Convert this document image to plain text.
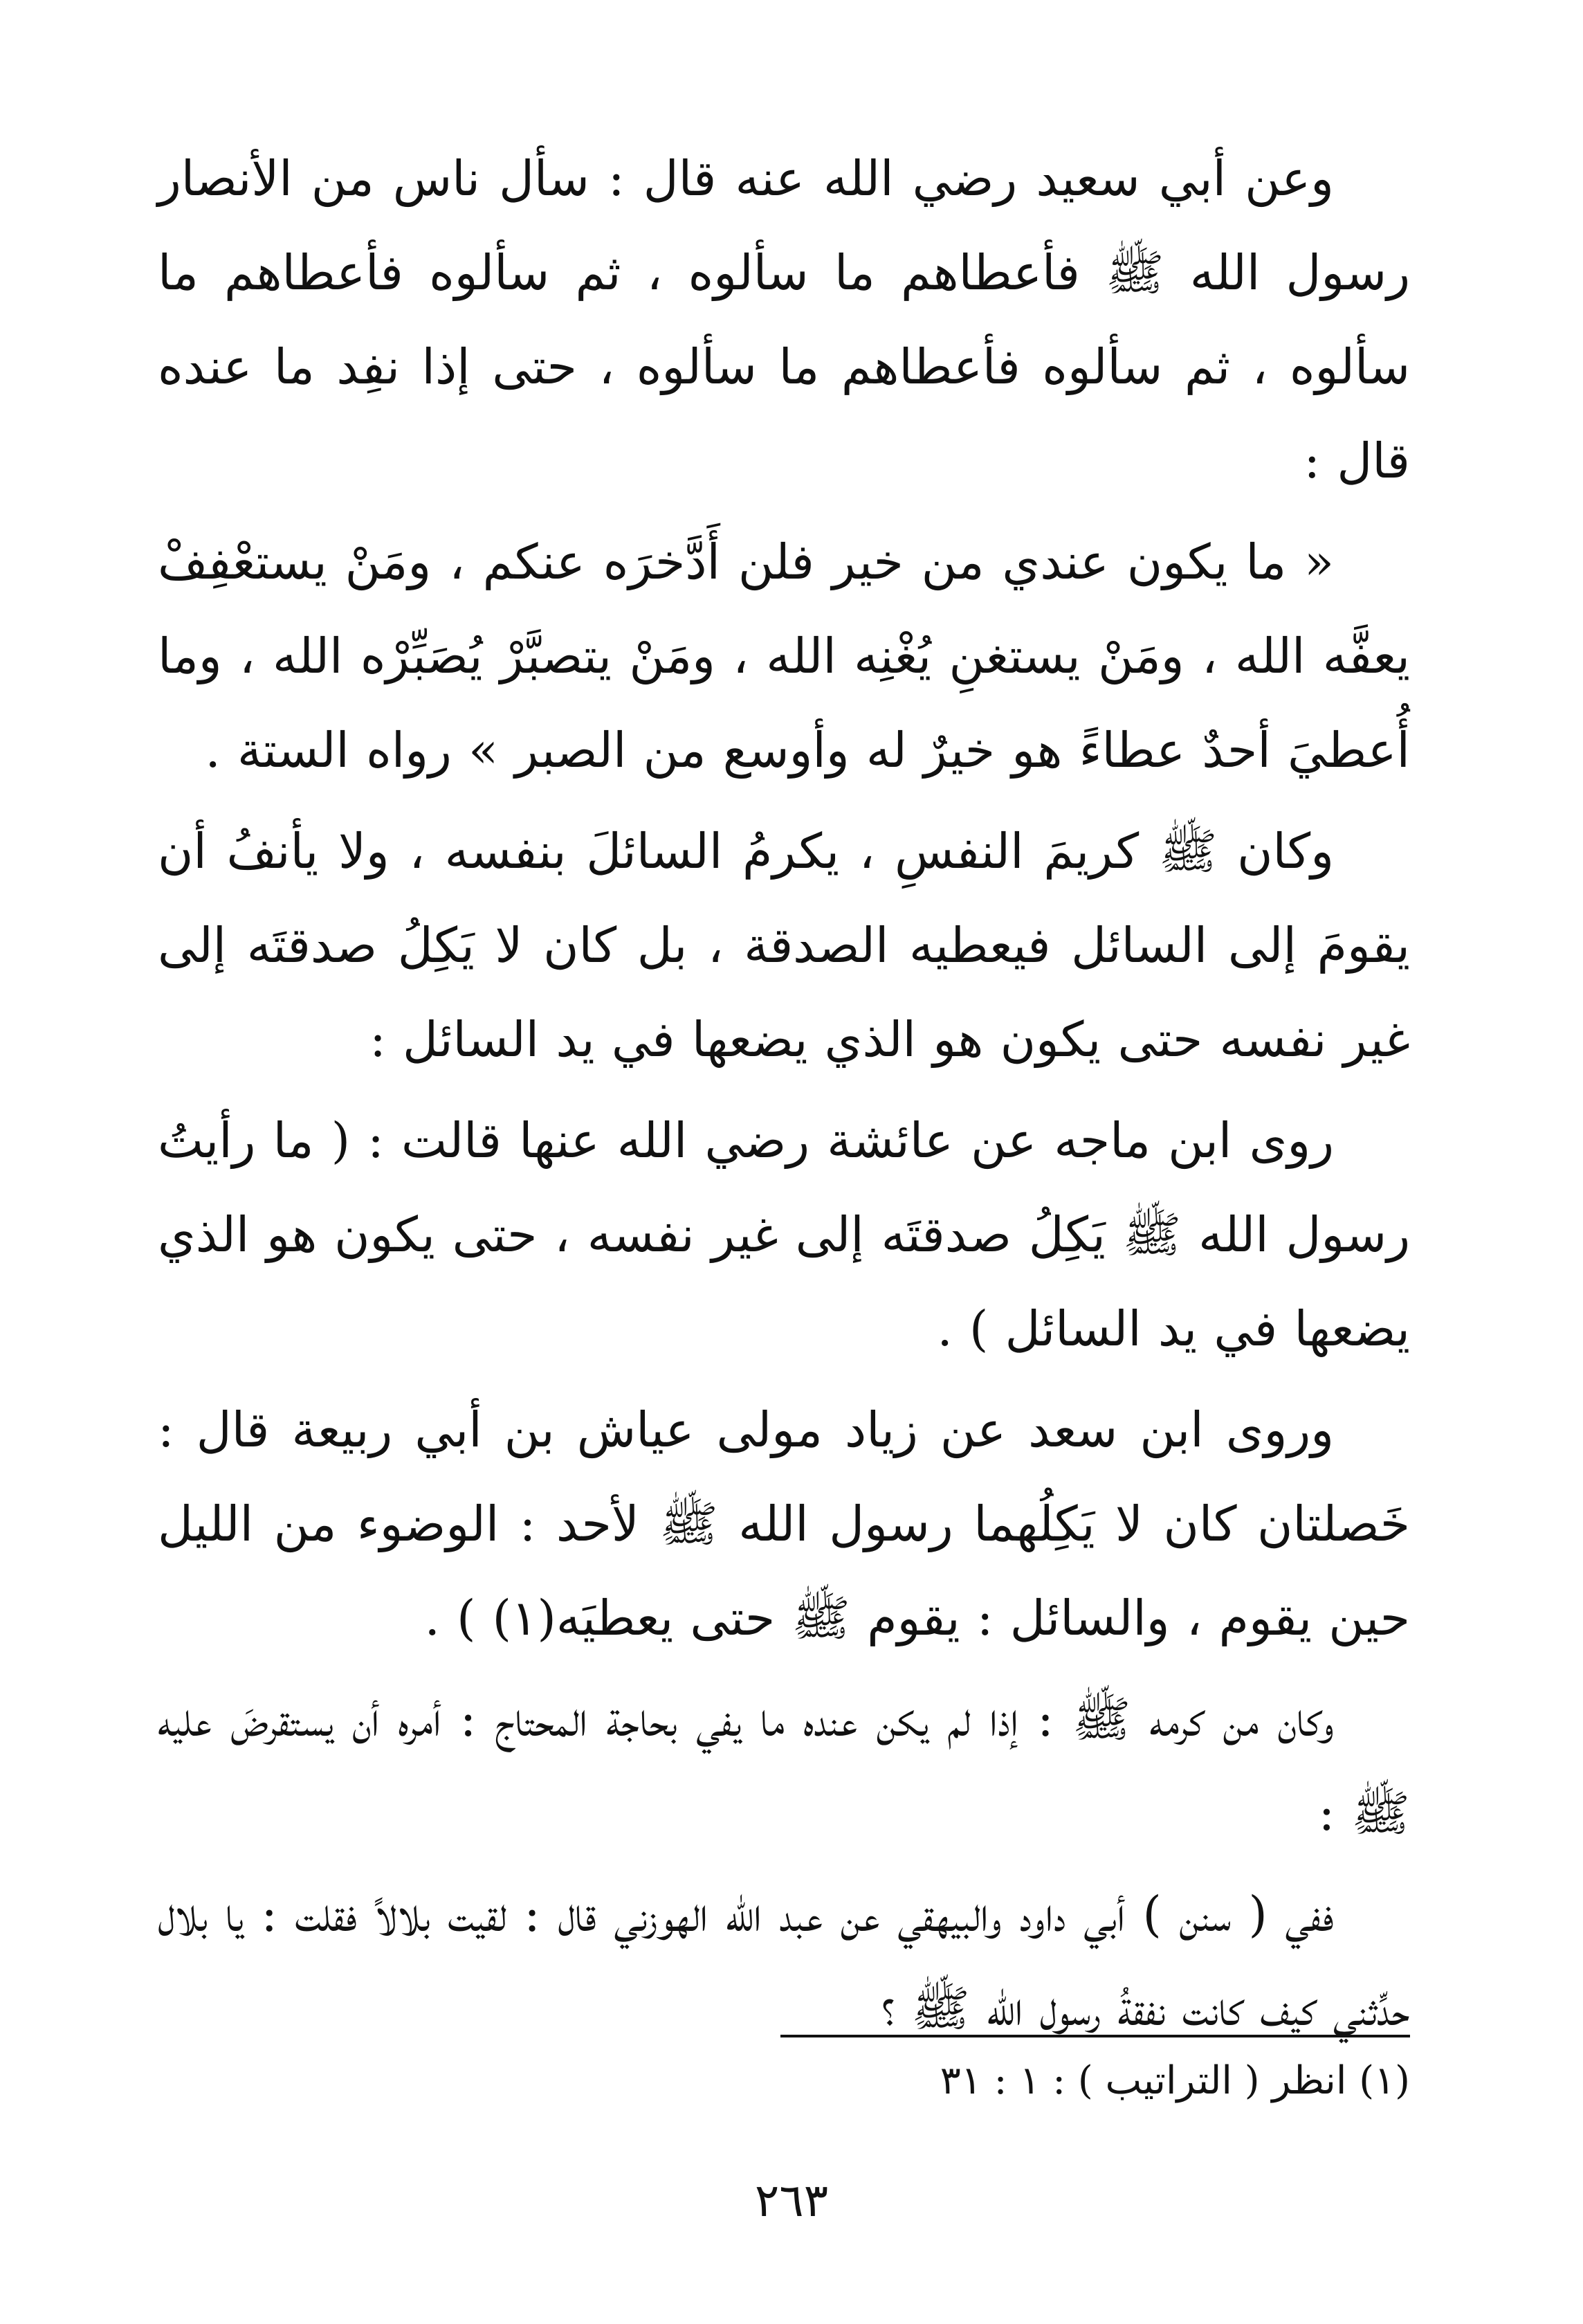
وعن أبي سعيد رضي الله عنه قال : سأل ناس من الأنصار رسول الله ﷺ فأعطاهم ما سألوه ، ثم سألوه فأعطاهم ما سألوه ، ثم سألوه فأعطاهم ما سألوه ، حتى إذا نفِد ما عنده قال :

« ما يكون عندي من خير فلن أَدَّخرَه عنكم ، ومَنْ يستعْفِفْ يعفَّه الله ، ومَنْ يستغنِ يُغْنِه الله ، ومَنْ يتصبَّرْ يُصَبِّرْه الله ، وما أُعطيَ أحدٌ عطاءً هو خيرٌ له وأوسع من الصبر » رواه الستة .

وكان ﷺ كريمَ النفسِ ، يكرمُ السائلَ بنفسه ، ولا يأنفُ أن يقومَ إلى السائل فيعطيه الصدقة ، بل كان لا يَكِلُ صدقتَه إلى غير نفسه حتى يكون هو الذي يضعها في يد السائل :

روى ابن ماجه عن عائشة رضي الله عنها قالت : ( ما رأيتُ رسول الله ﷺ يَكِلُ صدقتَه إلى غير نفسه ، حتى يكون هو الذي يضعها في يد السائل ) .

وروى ابن سعد عن زياد مولى عياش بن أبي ربيعة قال : خَصلتان كان لا يَكِلُهما رسول الله ﷺ لأحد : الوضوء من الليل حين يقوم ، والسائل : يقوم ﷺ حتى يعطيَه(١) ) .

وكان من كرمه ﷺ : إذا لم يكن عنده ما يفي بحاجة المحتاج : أمره أن يستقرضَ عليه ﷺ :

ففي ( سنن ) أبي داود والبيهقي عن عبد الله الهوزني قال : لقيت بلالاً فقلت : يا بلال حدِّثني كيف كانت نفقةُ رسول الله ﷺ ؟

(١) انظر ( التراتيب ) : ١ : ٣١
٢٦٣
